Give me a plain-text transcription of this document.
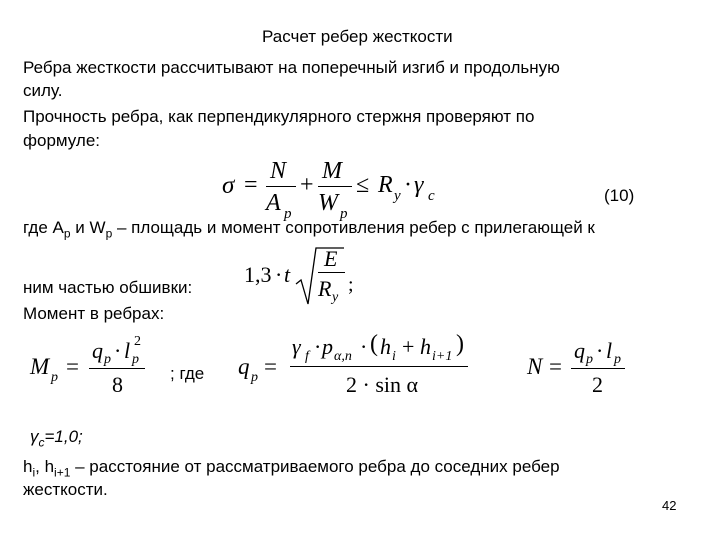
Расчет ребер жесткости
Ребра жесткости рассчитывают на поперечный изгиб и продольную
силу.
Прочность ребра, как перпендикулярного стержня проверяют по
формуле:
σ =
N
A p
+
M
W p
≤ R y · γ c	(10)
где $А_р$ и $W_р$ – площадь и момент сопротивления ребер с прилегающей к
ним частью обшивки:
1,3 · t
E
R y
;
Момент в ребрах:
M p =
q p · l p
2
8	; где q p =
γ f · p α,n · ( h i + h i+1 )
2 · sin α
N =
q p · l p
2
$\gamma_c=1,0$;
$h_i$, $h_{i+1}$ – расстояние от рассматриваемого ребра до соседних ребер
жесткости.
42
